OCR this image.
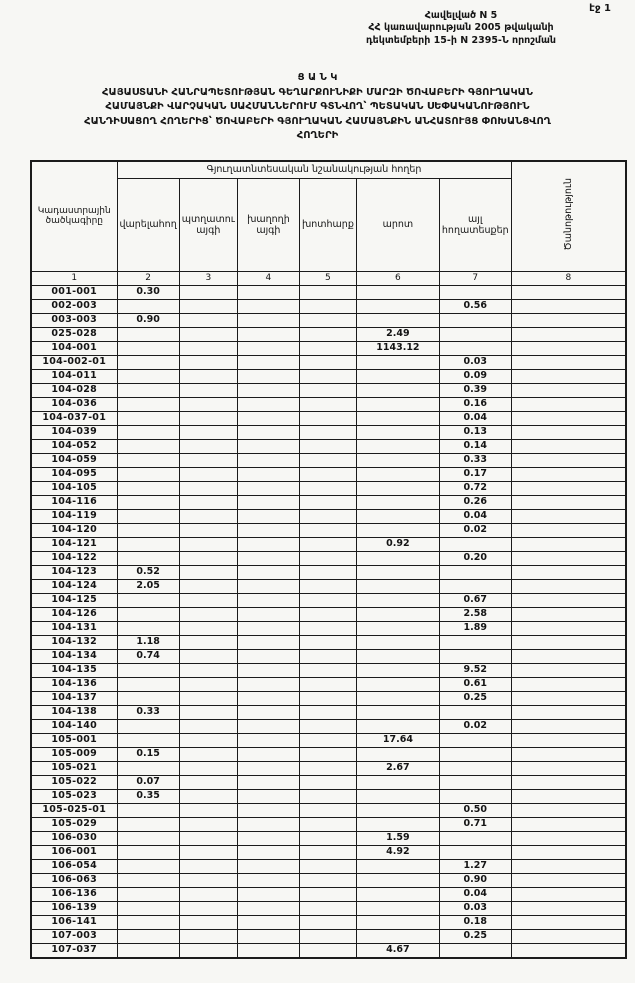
էջ 1
Հավելված N 5
ՀՀ կառավարության 2005 թվականի
դեկտեմբերի 15-ի N 2395-Ն որոշման
Ց Ա Ն Կ
ՀԱՅԱՍՏԱՆԻ ՀԱՆՐԱՊԵՏՈՒԹՅԱՆ ԳԵՂԱՐՔՈՒՆԻՔԻ ՄԱՐԶԻ ԾՈՎԱԲԵՐԻ ԳՅՈՒՂԱԿԱՆ
ՀԱՄԱՅՆՔԻ ՎԱՐՉԱԿԱՆ ՍԱՀՄԱՆՆԵՐՈՒՄ ԳՏՆՎՈՂ՝ ՊԵՏԱԿԱՆ ՍԵՓԱԿԱՆՈՒԹՅՈՒՆ
ՀԱՆԴԻՍԱՑՈՂ ՀՈՂԵՐԻՑ՝ ԾՈՎԱԲԵՐԻ ԳՅՈՒՂԱԿԱՆ ՀԱՄԱՅՆՔԻՆ ԱՆՀԱՏՈՒՅՑ ՓՈԽԱՆՑՎՈՂ
ՀՈՂԵՐԻ
Կադաստրային ծածկագիրը	Գյուղատնտեսական նշանակության հողեր						Ծանոթություն
	վարելահող	պտղատու այգի	խաղողի այգի	խոտհարք	արոտ	այլ հողատեսքեր	
1	2	3	4	5	6	7	8
001-001	0.30						
002-003						0.56	
003-003	0.90						
025-028					2.49		
104-001					1143.12		
104-002-01						0.03	
104-011						0.09	
104-028						0.39	
104-036						0.16	
104-037-01						0.04	
104-039						0.13	
104-052						0.14	
104-059						0.33	
104-095						0.17	
104-105						0.72	
104-116						0.26	
104-119						0.04	
104-120						0.02	
104-121					0.92		
104-122						0.20	
104-123	0.52						
104-124	2.05						
104-125						0.67	
104-126						2.58	
104-131						1.89	
104-132	1.18						
104-134	0.74						
104-135						9.52	
104-136						0.61	
104-137						0.25	
104-138	0.33						
104-140						0.02	
105-001					17.64		
105-009	0.15						
105-021					2.67		
105-022	0.07						
105-023	0.35						
105-025-01						0.50	
105-029						0.71	
106-030					1.59		
106-001					4.92		
106-054						1.27	
106-063						0.90	
106-136						0.04	
106-139						0.03	
106-141						0.18	
107-003						0.25	
107-037					4.67		
